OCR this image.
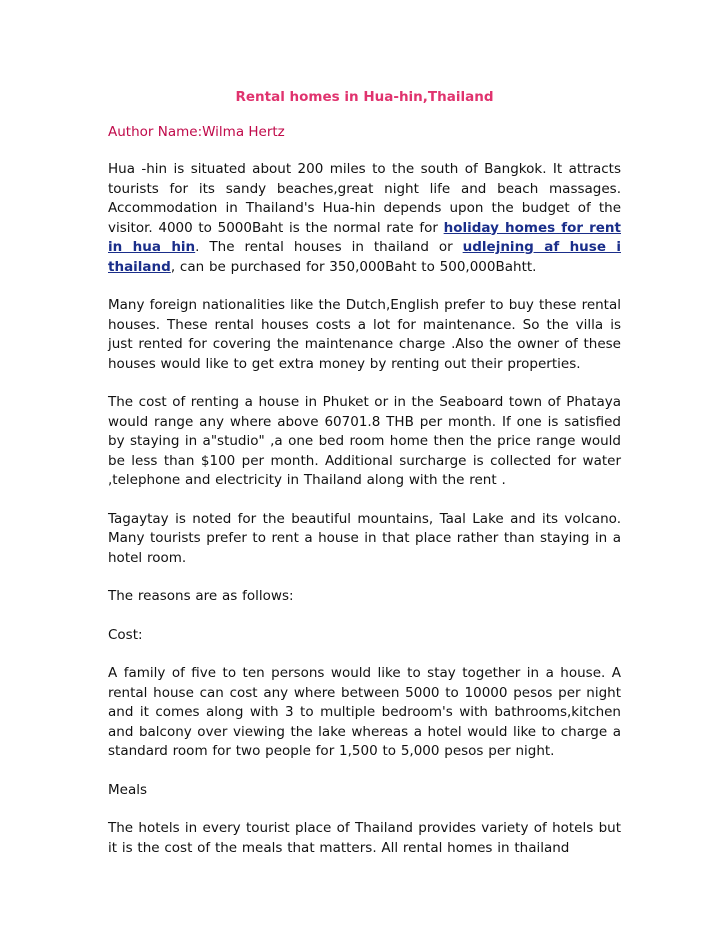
Rental homes in Hua-hin,Thailand
Author Name:Wilma Hertz

Hua -hin is situated about 200 miles to the south of Bangkok. It attracts tourists for its sandy beaches,great night life and beach massages. Accommodation in Thailand's Hua-hin depends upon the budget of the visitor. 4000 to 5000Baht is the normal rate for holiday homes for rent in hua hin. The rental houses in thailand or udlejning af huse i thailand, can be purchased for 350,000Baht to 500,000Bahtt.

Many foreign nationalities like the Dutch,English prefer to buy these rental houses. These rental houses costs a lot for maintenance. So the villa is just rented for covering the maintenance charge .Also the owner of these houses would like to get extra money by renting out their properties.

The cost of renting a house in Phuket or in the Seaboard town of Phataya would range any where above 60701.8 THB per month. If one is satisfied by staying in a"studio" ,a one bed room home then the price range would be less than $100 per month. Additional surcharge is collected for water ,telephone and electricity in Thailand along with the rent .

Tagaytay is noted for the beautiful mountains, Taal Lake and its volcano. Many tourists prefer to rent a house in that place rather than staying in a hotel room.

The reasons are as follows:

Cost:

A family of five to ten persons would like to stay together in a house. A rental house can cost any where between 5000 to 10000 pesos per night and it comes along with 3 to multiple bedroom's with bathrooms,kitchen and balcony over viewing the lake whereas a hotel would like to charge a standard room for two people for 1,500 to 5,000 pesos per night.

Meals

The hotels in every tourist place of Thailand provides variety of hotels but it is the cost of the meals that matters. All rental homes in thailand
